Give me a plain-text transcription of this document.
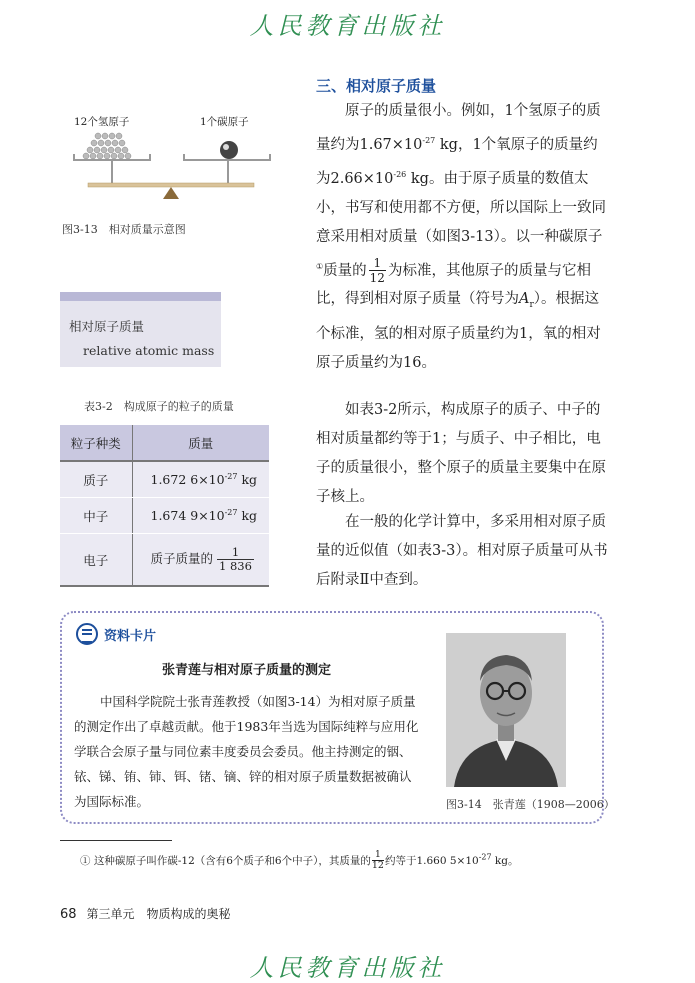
人民教育出版社
12个氢原子	1个碳原子
图3-13　相对质量示意图
相对原子质量
relative atomic mass
表3-2　构成原子的粒子的质量
粒子种类	质量
质子	1.672 $6\times 10^{-27}$ kg
中子	1.674 $9\times 10^{-27}$ kg
电子	质子质量的 $\frac{1}{1 836}$
三、相对原子质量
原子的质量很小。例如，1个氢原子的质量约为$1.67\times 10^{-27}$ kg，1个氧原子的质量约为$2.66\times 10^{-26}$ kg。由于原子质量的数值太小，书写和使用都不方便，所以国际上一致同意采用相对质量（如图3-13）。以一种碳原子①质量的 $\frac{1}{12}$ 为标准，其他原子的质量与它相比，得到相对原子质量（符号为$A_r$）。根据这个标准，氢的相对原子质量约为1，氧的相对原子质量约为16。
如表3-2所示，构成原子的质子、中子的相对质量都约等于1；与质子、中子相比，电子的质量很小，整个原子的质量主要集中在原子核上。
在一般的化学计算中，多采用相对原子质量的近似值（如表3-3）。相对原子质量可从书后附录Ⅱ中查到。
资料卡片
张青莲与相对原子质量的测定
中国科学院院士张青莲教授（如图3-14）为相对原子质量的测定作出了卓越贡献。他于1983年当选为国际纯粹与应用化学联合会原子量与同位素丰度委员会委员。他主持测定的铟、铱、锑、铕、铈、铒、锗、镝、锌的相对原子质量数据被确认为国际标准。	图3-14　张青莲（1908—2006）
① 这种碳原子叫作碳-12（含有6个质子和6个中子），其质量的 $\frac{1}{12}$约等于1.660 $5\times 10^{-27}$ kg。
68 第三单元　物质构成的奥秘
人民教育出版社
